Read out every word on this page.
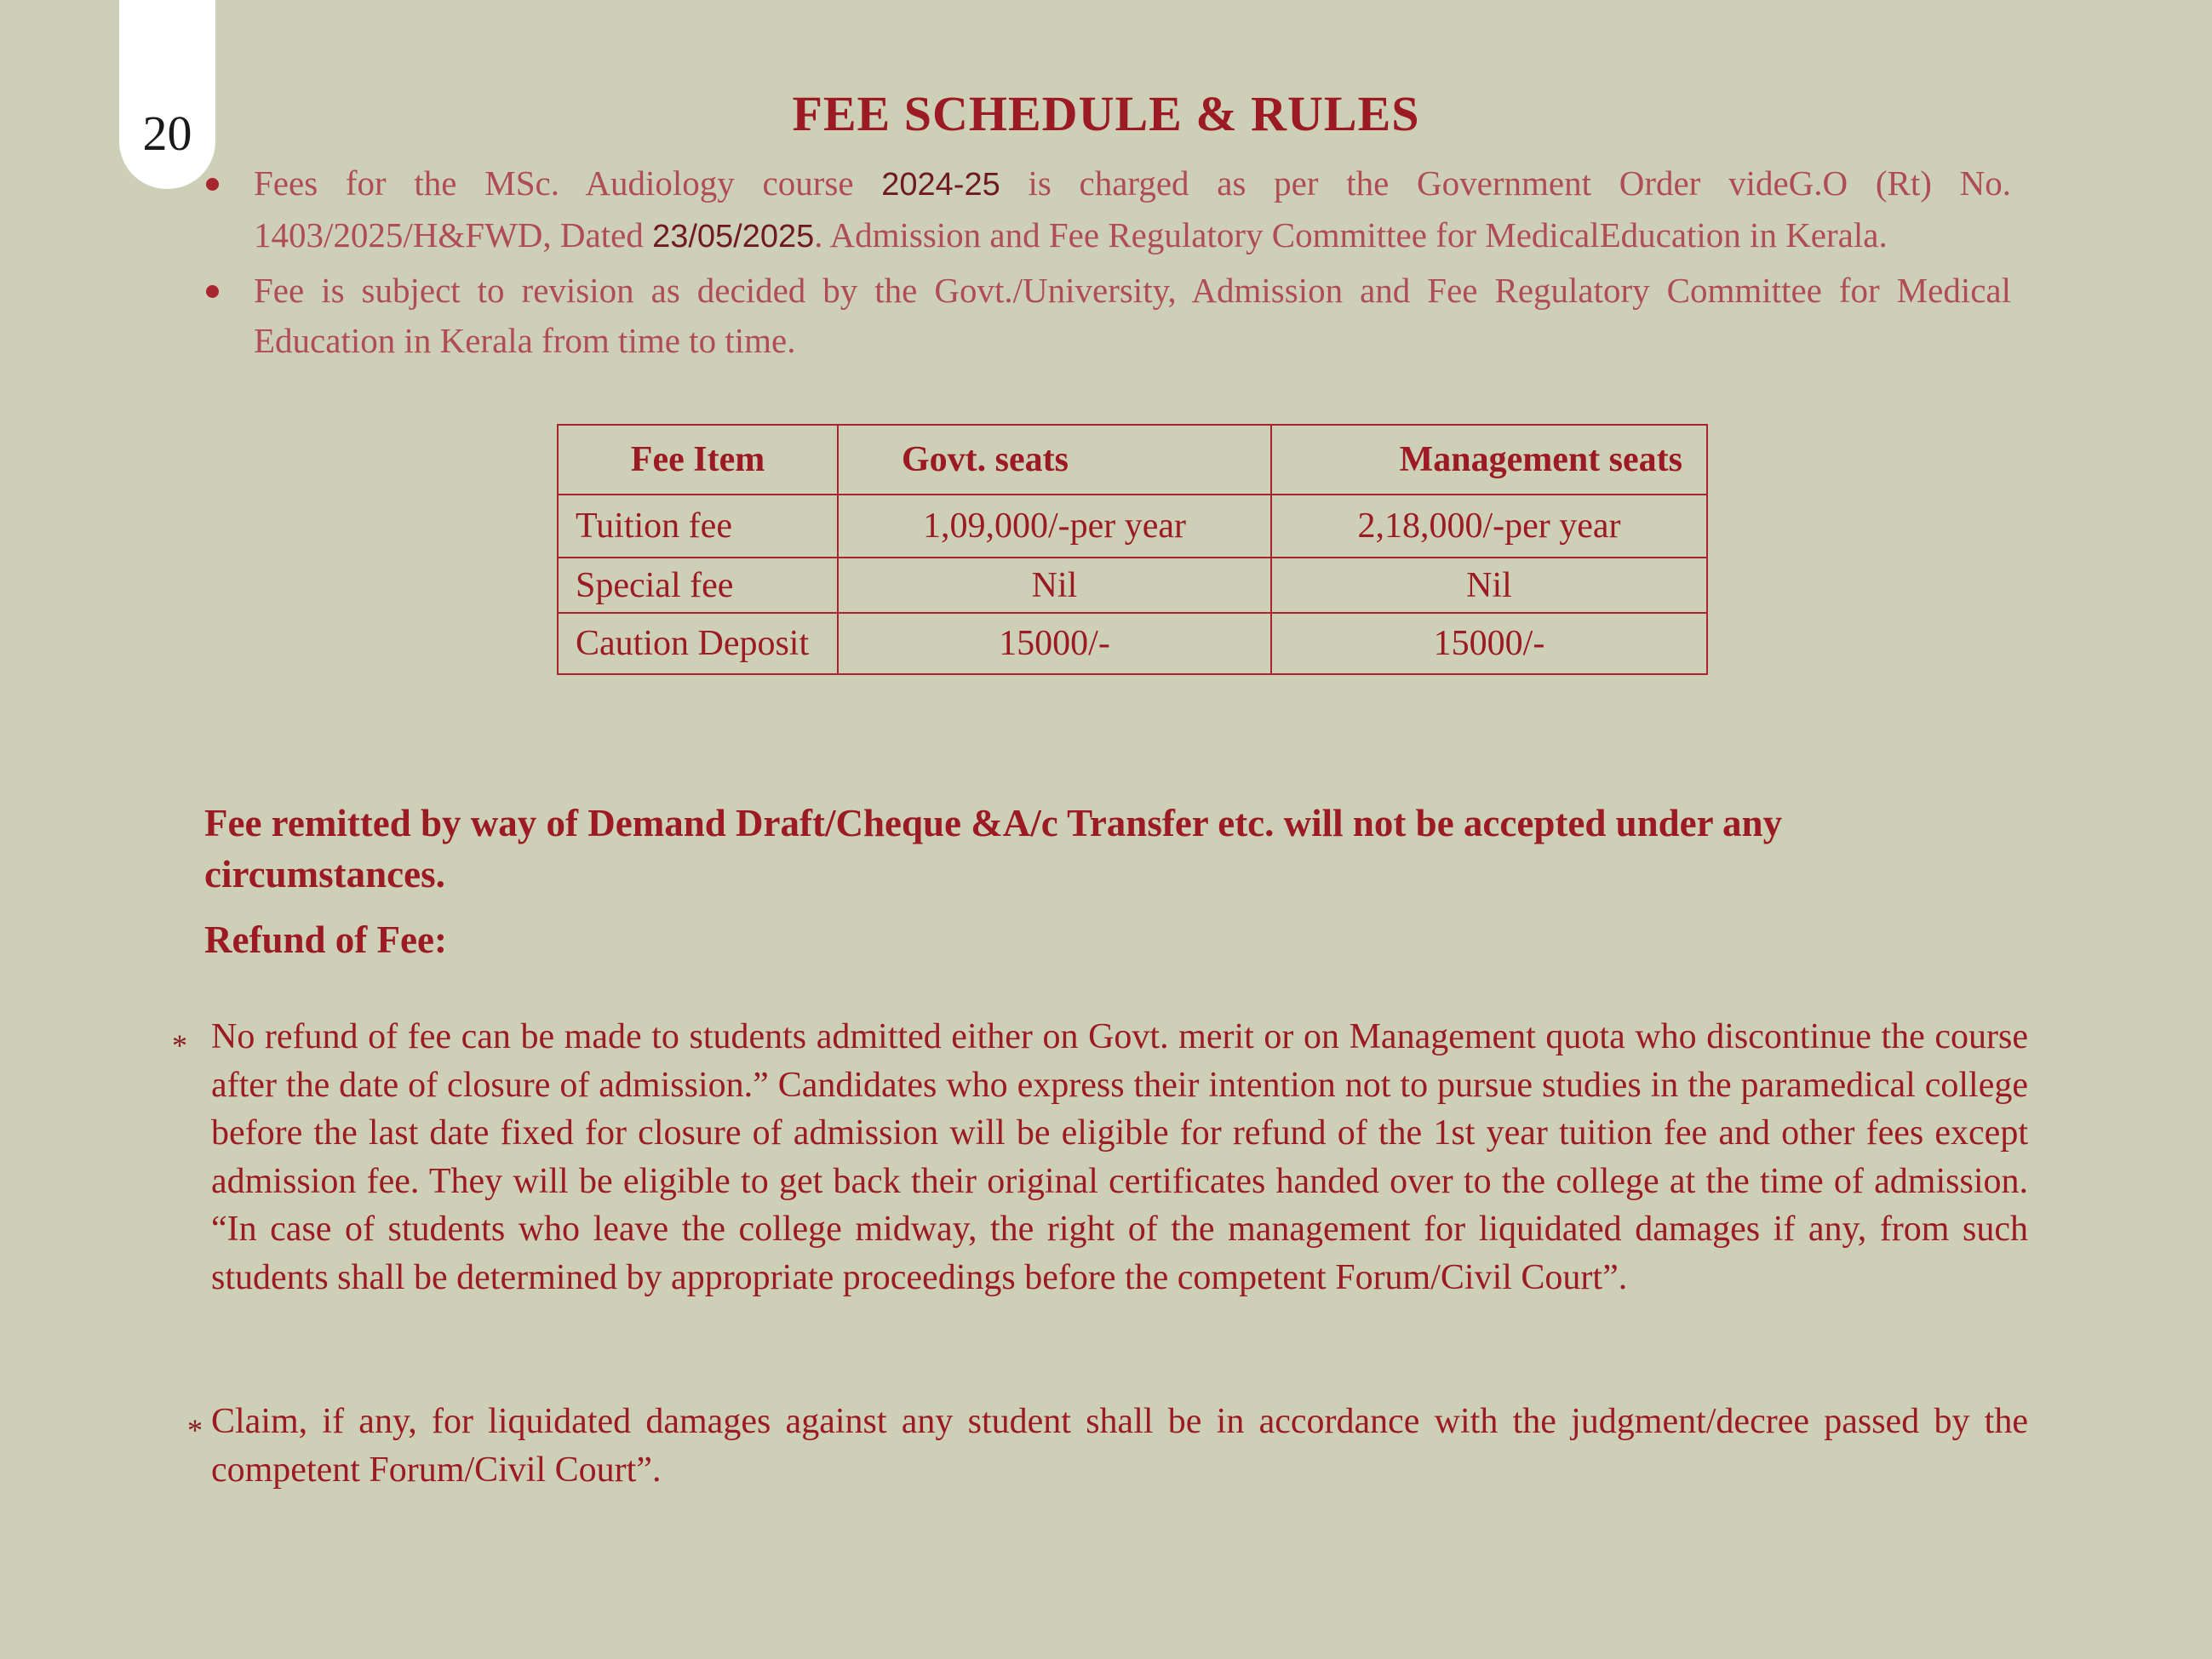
20	FEE SCHEDULE & RULES
Fees for the MSc. Audiology course 2024-25 is charged as per the Government Order videG.O (Rt) No. 1403/2025/H&FWD, Dated 23/05/2025. Admission and Fee Regulatory Committee for MedicalEducation in Kerala.
Fee is subject to revision as decided by the Govt./University, Admission and Fee Regulatory Committee for Medical Education in Kerala from time to time.
Fee Item	Govt. seats	Management seats
Tuition fee	1,09,000/-per year	2,18,000/-per year
Special fee	Nil	Nil
Caution Deposit	15000/-	15000/-

Fee remitted by way of Demand Draft/Cheque &A/c Transfer etc. will not be accepted under any circumstances.

Refund of Fee:

* No refund of fee can be made to students admitted either on Govt. merit or on Management quota who discontinue the course after the date of closure of admission.” Candidates who express their intention not to pursue studies in the paramedical college before the last date fixed for closure of admission will be eligible for refund of the 1st year tuition fee and other fees except admission fee. They will be eligible to get back their original certificates handed over to the college at the time of admission. “In case of students who leave the college midway, the right of the management for liquidated damages if any, from such students shall be determined by appropriate proceedings before the competent Forum/Civil Court”.

* Claim, if any, for liquidated damages against any student shall be in accordance with the judgment/decree passed by the competent Forum/Civil Court”.
